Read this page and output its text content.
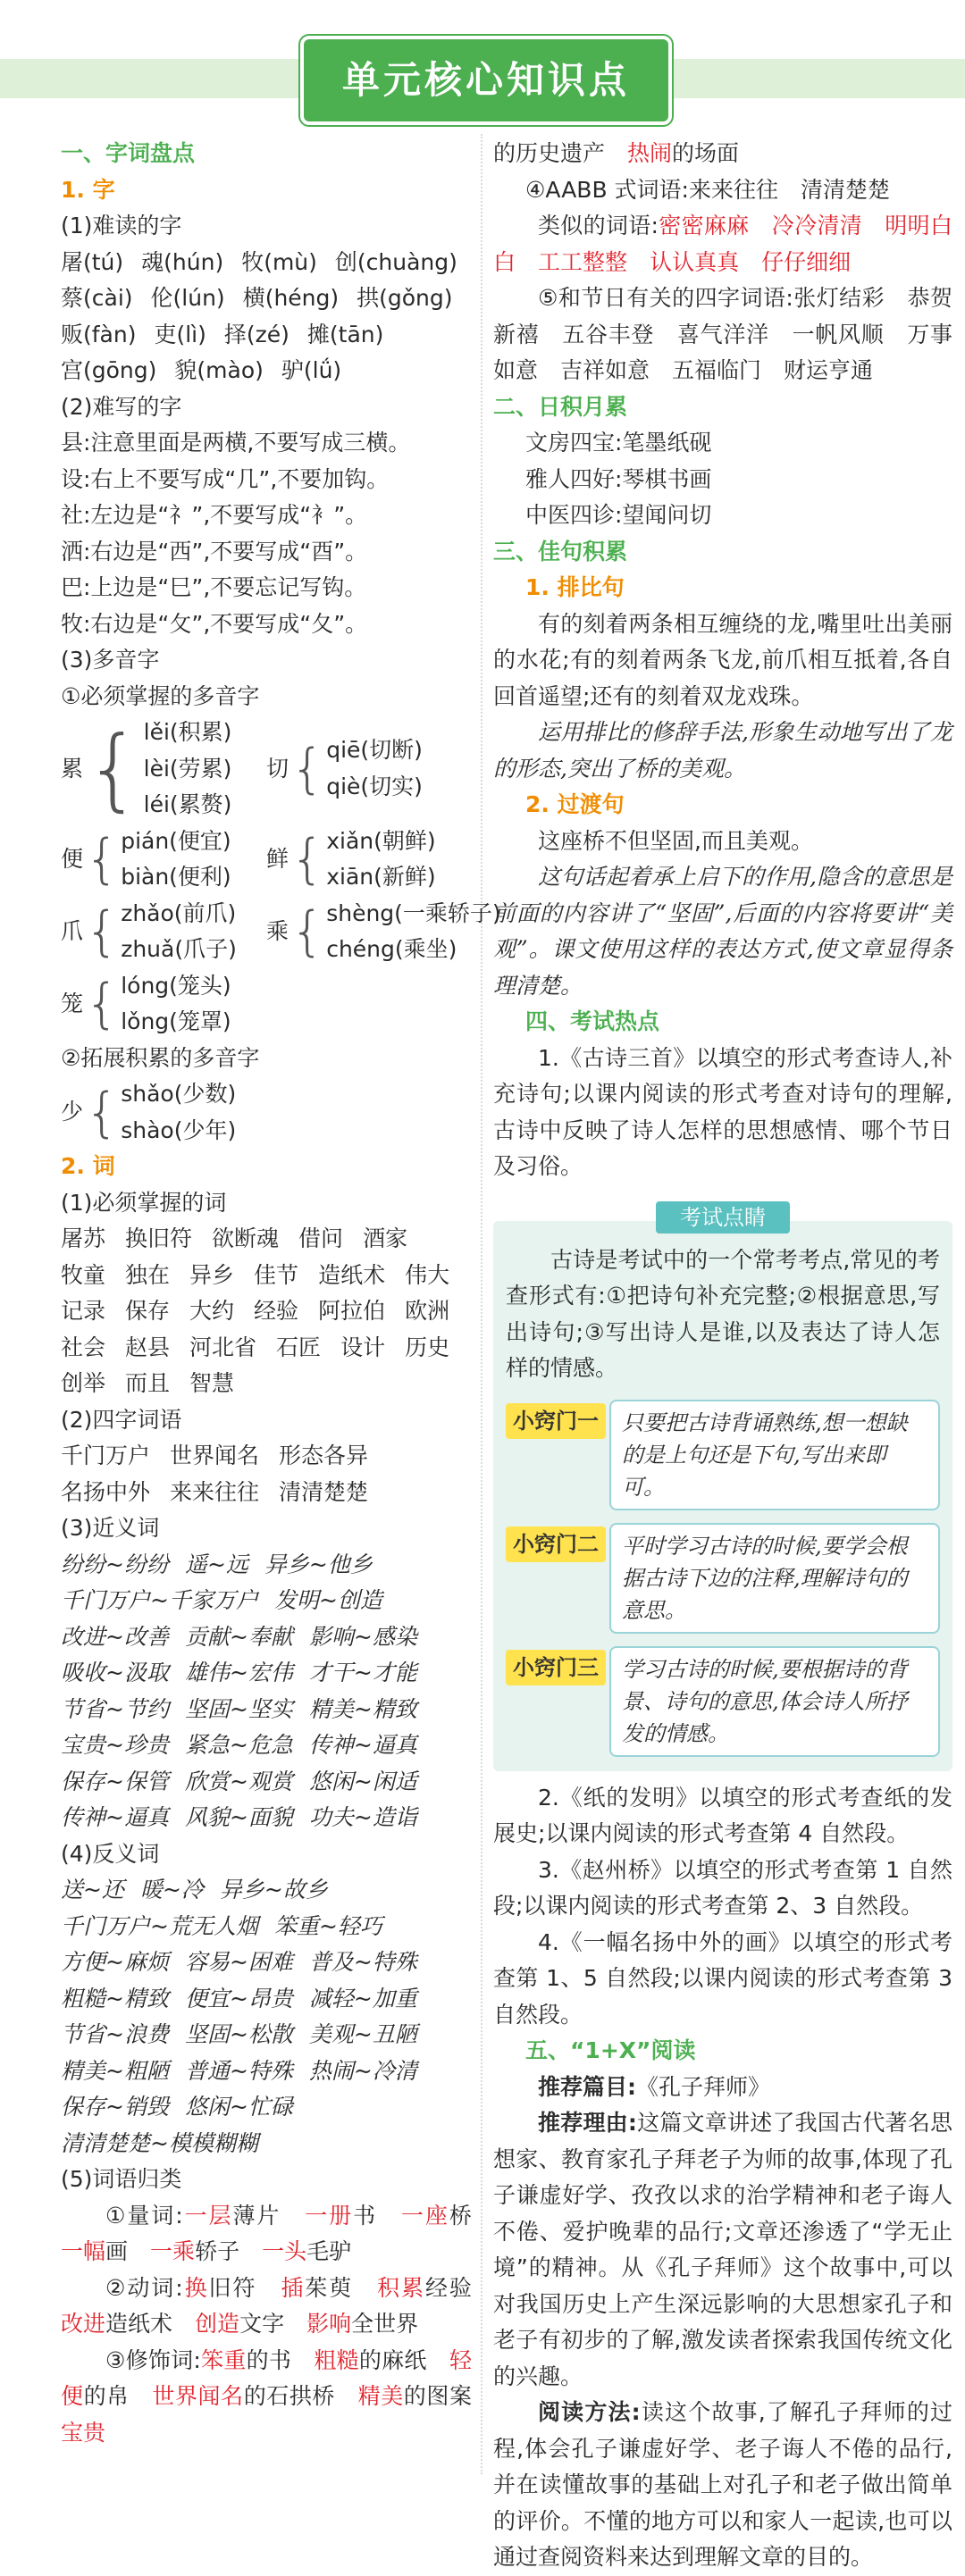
单元核心知识点
一、字词盘点
1. 字
(1)难读的字
屠(tú) 魂(hún) 牧(mù) 创(chuàng)
蔡(cài) 伦(lún) 横(héng) 拱(gǒng)
贩(fàn) 吏(lì) 择(zé) 摊(tān)
宫(gōng) 貌(mào) 驴(lǘ)
(2)难写的字
县:注意里面是两横,不要写成三横。
设:右上不要写成“几”,不要加钩。
社:左边是“礻”,不要写成“衤”。
洒:右边是“西”,不要写成“酉”。
巴:上边是“巳”,不要忘记写钩。
牧:右边是“攵”,不要写成“夂”。
(3)多音字
①必须掌握的多音字
累 { lěi(积累)
lèi(劳累)
léi(累赘)
切 { qiē(切断)
qiè(切实)
便 { pián(便宜)
biàn(便利)
鲜 { xiǎn(朝鲜)
xiān(新鲜)
爪 { zhǎo(前爪)
zhuǎ(爪子)
乘 { shèng(一乘轿子)
chéng(乘坐)
笼 { lóng(笼头)
lǒng(笼罩)
②拓展积累的多音字
少 { shǎo(少数)
shào(少年)
2. 词
(1)必须掌握的词
屠苏 换旧符 欲断魂 借问 酒家
牧童 独在 异乡 佳节 造纸术 伟大
记录 保存 大约 经验 阿拉伯 欧洲
社会 赵县 河北省 石匠 设计 历史
创举 而且 智慧
(2)四字词语
千门万户 世界闻名 形态各异
名扬中外 来来往往 清清楚楚
(3)近义词
纷纷~纷纷 遥~远 异乡~他乡
千门万户~千家万户 发明~创造
改进~改善 贡献~奉献 影响~感染
吸收~汲取 雄伟~宏伟 才干~才能
节省~节约 坚固~坚实 精美~精致
宝贵~珍贵 紧急~危急 传神~逼真
保存~保管 欣赏~观赏 悠闲~闲适
传神~逼真 风貌~面貌 功夫~造诣
(4)反义词
送~还 暖~冷 异乡~故乡
千门万户~荒无人烟 笨重~轻巧
方便~麻烦 容易~困难 普及~特殊
粗糙~精致 便宜~昂贵 减轻~加重
节省~浪费 坚固~松散 美观~丑陋
精美~粗陋 普通~特殊 热闹~冷清
保存~销毁 悠闲~忙碌
清清楚楚~模模糊糊
(5)词语归类
①量词:一层薄片　 一册书　 一座桥　一幅画　 一乘轿子　 一头毛驴
②动词:换旧符　 插茱萸　 积累经验　改进造纸术　 创造文字　 影响全世界
③修饰词:笨重的书　 粗糙的麻纸　 轻便的帛　 世界闻名的石拱桥　 精美的图案　宝贵
的历史遗产　 热闹的场面
④AABB 式词语:来来往往　清清楚楚
类似的词语:密密麻麻　 冷冷清清　 明明白白　 工工整整　 认认真真　 仔仔细细
⑤和节日有关的四字词语:张灯结彩　恭贺新禧　五谷丰登　喜气洋洋　一帆风顺　万事如意　吉祥如意　五福临门　财运亨通
二、日积月累
文房四宝:笔墨纸砚
雅人四好:琴棋书画
中医四诊:望闻问切
三、佳句积累
1. 排比句
有的刻着两条相互缠绕的龙,嘴里吐出美丽的水花;有的刻着两条飞龙,前爪相互抵着,各自回首遥望;还有的刻着双龙戏珠。
运用排比的修辞手法,形象生动地写出了龙的形态,突出了桥的美观。
2. 过渡句
这座桥不但坚固,而且美观。
这句话起着承上启下的作用,隐含的意思是前面的内容讲了“坚固”,后面的内容将要讲“美观”。课文使用这样的表达方式,使文章显得条理清楚。
四、考试热点
1.《古诗三首》以填空的形式考查诗人,补充诗句;以课内阅读的形式考查对诗句的理解,古诗中反映了诗人怎样的思想感情、哪个节日及习俗。
考试点睛
古诗是考试中的一个常考考点,常见的考查形式有:①把诗句补充完整;②根据意思,写出诗句;③写出诗人是谁,以及表达了诗人怎样的情感。
小窍门一	只要把古诗背诵熟练,想一想缺的是上句还是下句,写出来即可。
小窍门二	平时学习古诗的时候,要学会根据古诗下边的注释,理解诗句的意思。
小窍门三	学习古诗的时候,要根据诗的背景、诗句的意思,体会诗人所抒发的情感。
2.《纸的发明》以填空的形式考查纸的发展史;以课内阅读的形式考查第 4 自然段。
3.《赵州桥》以填空的形式考查第 1 自然段;以课内阅读的形式考查第 2、3 自然段。
4.《一幅名扬中外的画》以填空的形式考查第 1、5 自然段;以课内阅读的形式考查第 3 自然段。
五、“1+X”阅读
推荐篇目:《孔子拜师》
推荐理由:这篇文章讲述了我国古代著名思想家、教育家孔子拜老子为师的故事,体现了孔子谦虚好学、孜孜以求的治学精神和老子诲人不倦、爱护晚辈的品行;文章还渗透了“学无止境”的精神。从《孔子拜师》这个故事中,可以对我国历史上产生深远影响的大思想家孔子和老子有初步的了解,激发读者探索我国传统文化的兴趣。
阅读方法:读这个故事,了解孔子拜师的过程,体会孔子谦虚好学、老子诲人不倦的品行,并在读懂故事的基础上对孔子和老子做出简单的评价。不懂的地方可以和家人一起读,也可以通过查阅资料来达到理解文章的目的。
